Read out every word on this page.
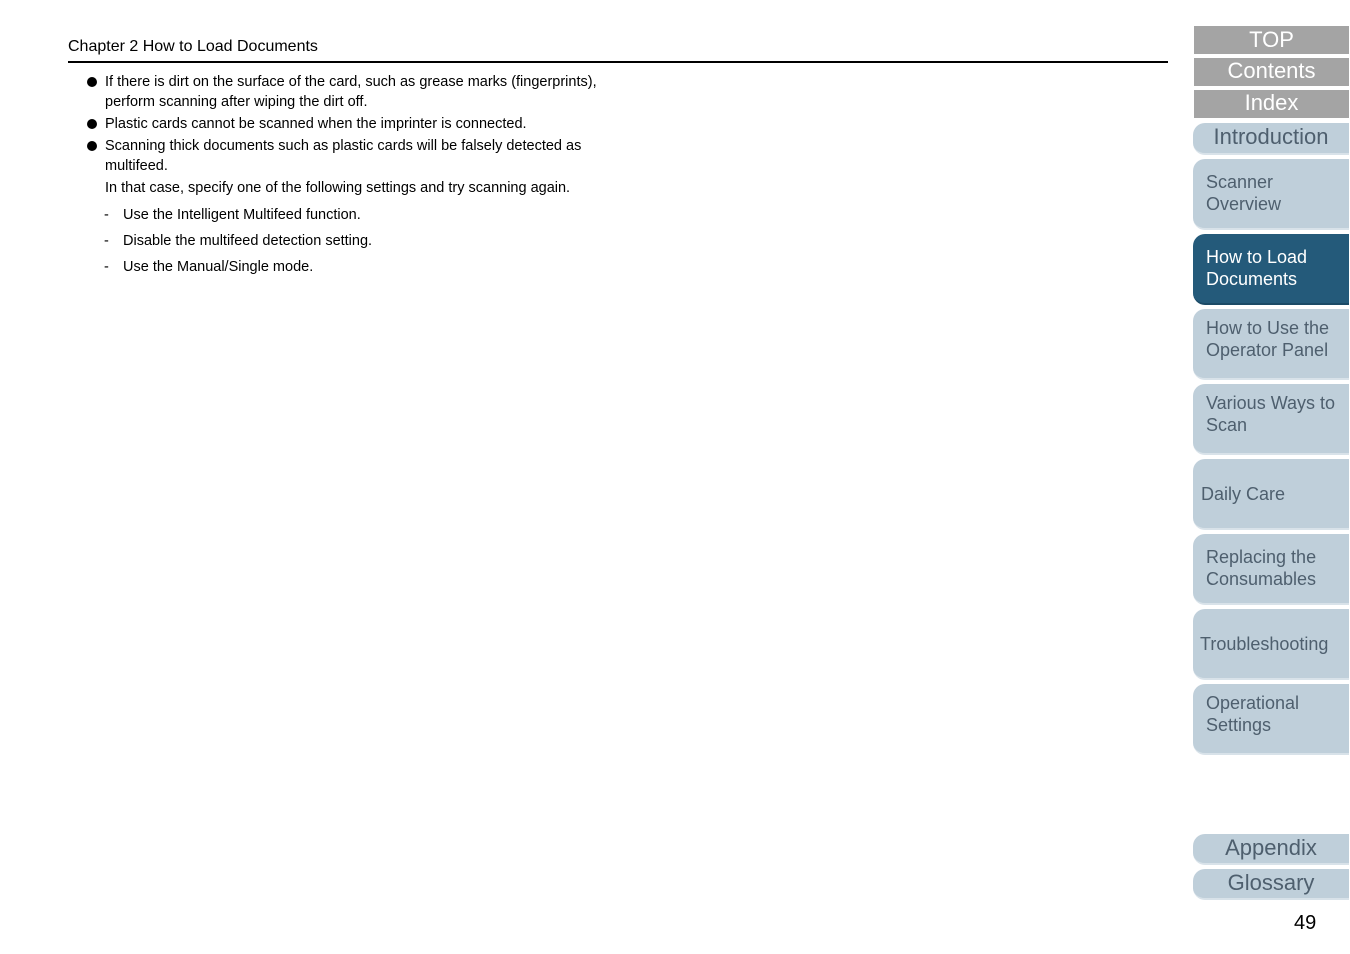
Chapter 2 How to Load Documents
If there is dirt on the surface of the card, such as grease marks (fingerprints), perform scanning after wiping the dirt off.
Plastic cards cannot be scanned when the imprinter is connected.
Scanning thick documents such as plastic cards will be falsely detected as multifeed.
In that case, specify one of the following settings and try scanning again.
- Use the Intelligent Multifeed function.
- Disable the multifeed detection setting.
- Use the Manual/Single mode.
TOP
Contents
Index
Introduction
Scanner
Overview
How to Load
Documents
How to Use the
Operator Panel
Various Ways to
Scan
Daily Care
Replacing the
Consumables
Troubleshooting
Operational
Settings
Appendix
Glossary
49
